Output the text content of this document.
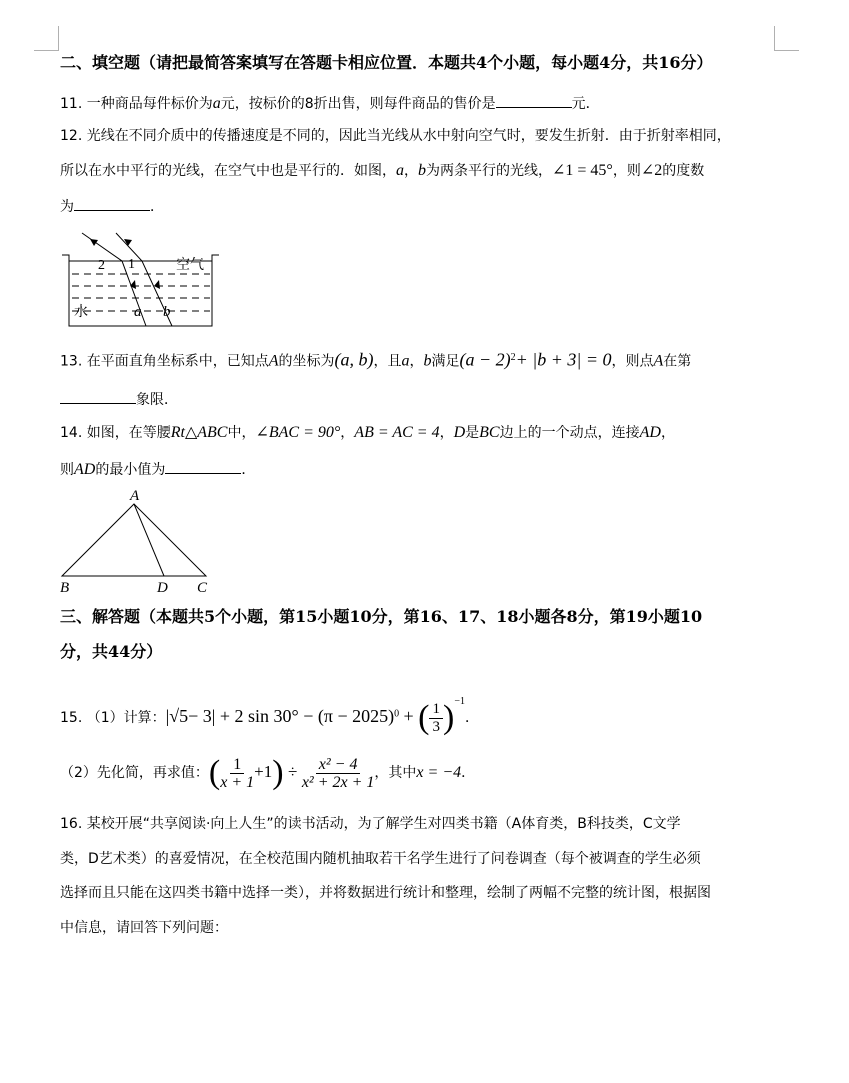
二、填空题（请把最简答案填写在答题卡相应位置．本题共4个小题，每小题4分，共16分）
11. 一种商品每件标价为a元，按标价的8折出售，则每件商品的售价是	元．
12. 光线在不同介质中的传播速度是不同的，因此当光线从水中射向空气时，要发生折射．由于折射率相同，
所以在水中平行的光线，在空气中也是平行的．如图，a，b为两条平行的光线，∠1 = 45°，则∠2的度数
为	．
2 1	空气
水	a b
13. 在平面直角坐标系中，已知点A的坐标为(a, b)，且a，b满足$(a - 2)^2+ |b + 3| = 0$，则点A在第
象限．
14. 如图，在等腰Rt△ABC中，∠BAC = 90°，AB = AC = 4，D是BC边上的一个动点，连接AD，
则AD的最小值为	．
A
B	D C
三、解答题（本题共5个小题，第15小题10分，第16、17、18小题各8分，第19小题10
分，共44分）
15. （1）计算：|√5− 3| + 2 $\sin 30^\circ - (\pi - 2025)^0$ + ( $\frac{1}{3} )^{-1}$．
（2）先化简，再求值：( $\frac{1}{x + 1} +1) \div \frac{\text{x² − 4}}{\text{x² + 2x + 1}}$ ，其中x = −4．
16. 某校开展“共享阅读·向上人生”的读书活动，为了解学生对四类书籍（A体育类，B科技类，C文学
类，D艺术类）的喜爱情况，在全校范围内随机抽取若干名学生进行了问卷调查（每个被调查的学生必须
选择而且只能在这四类书籍中选择一类），并将数据进行统计和整理，绘制了两幅不完整的统计图，根据图
中信息，请回答下列问题：
